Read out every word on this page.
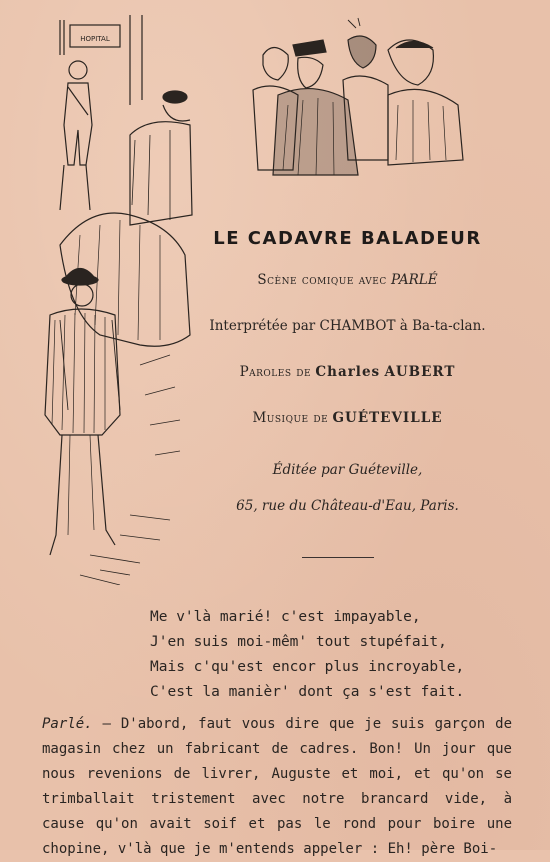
HOPITAL
LE CADAVRE BALADEUR
Scène comique avec PARLÉ
Interprétée par CHAMBOT à Ba-ta-clan.
Paroles de Charles AUBERT
Musique de GUÉTEVILLE
Éditée par Guéteville,
65, rue du Château-d'Eau, Paris.
Me v'là marié! c'est impayable,
J'en suis moi-mêm' tout stupéfait,
Mais c'qu'est encor plus incroyable,
C'est la manièr' dont ça s'est fait.
Parlé. — D'abord, faut vous dire que je suis garçon de magasin chez un fabricant de cadres. Bon! Un jour que nous revenions de livrer, Auguste et moi, et qu'on se trimballait tristement avec notre brancard vide, à cause qu'on avait soif et pas le rond pour boire une chopine, v'là que je m'entends appeler : Eh! père Boi-
